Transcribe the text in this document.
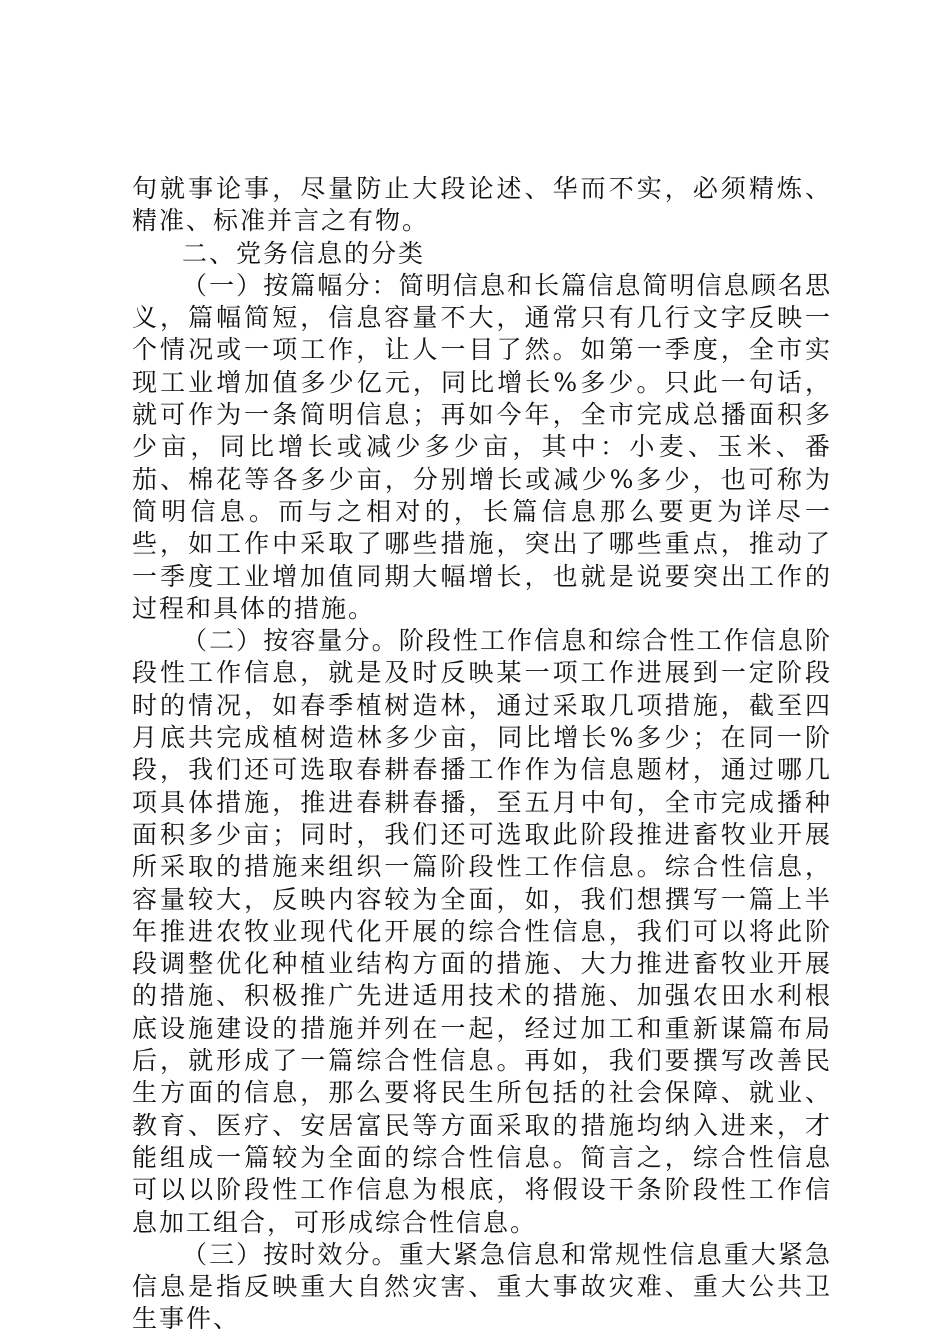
句就事论事，尽量防止大段论述、华而不实，必须精炼、精准、标准并言之有物。

二、党务信息的分类

（一）按篇幅分：简明信息和长篇信息简明信息顾名思义，篇幅简短，信息容量不大，通常只有几行文字反映一个情况或一项工作，让人一目了然。如第一季度，全市实现工业增加值多少亿元，同比增长%多少。只此一句话，就可作为一条简明信息；再如今年，全市完成总播面积多少亩，同比增长或减少多少亩，其中：小麦、玉米、番茄、棉花等各多少亩，分别增长或减少%多少，也可称为简明信息。而与之相对的，长篇信息那么要更为详尽一些，如工作中采取了哪些措施，突出了哪些重点，推动了一季度工业增加值同期大幅增长，也就是说要突出工作的过程和具体的措施。

（二）按容量分。阶段性工作信息和综合性工作信息阶段性工作信息，就是及时反映某一项工作进展到一定阶段时的情况，如春季植树造林，通过采取几项措施，截至四月底共完成植树造林多少亩，同比增长%多少；在同一阶段，我们还可选取春耕春播工作作为信息题材，通过哪几项具体措施，推进春耕春播，至五月中旬，全市完成播种面积多少亩；同时，我们还可选取此阶段推进畜牧业开展所采取的措施来组织一篇阶段性工作信息。综合性信息，容量较大，反映内容较为全面，如，我们想撰写一篇上半年推进农牧业现代化开展的综合性信息，我们可以将此阶段调整优化种植业结构方面的措施、大力推进畜牧业开展的措施、积极推广先进适用技术的措施、加强农田水利根底设施建设的措施并列在一起，经过加工和重新谋篇布局后，就形成了一篇综合性信息。再如，我们要撰写改善民生方面的信息，那么要将民生所包括的社会保障、就业、教育、医疗、安居富民等方面采取的措施均纳入进来，才能组成一篇较为全面的综合性信息。简言之，综合性信息可以以阶段性工作信息为根底，将假设干条阶段性工作信息加工组合，可形成综合性信息。

（三）按时效分。重大紧急信息和常规性信息重大紧急信息是指反映重大自然灾害、重大事故灾难、重大公共卫生事件、
